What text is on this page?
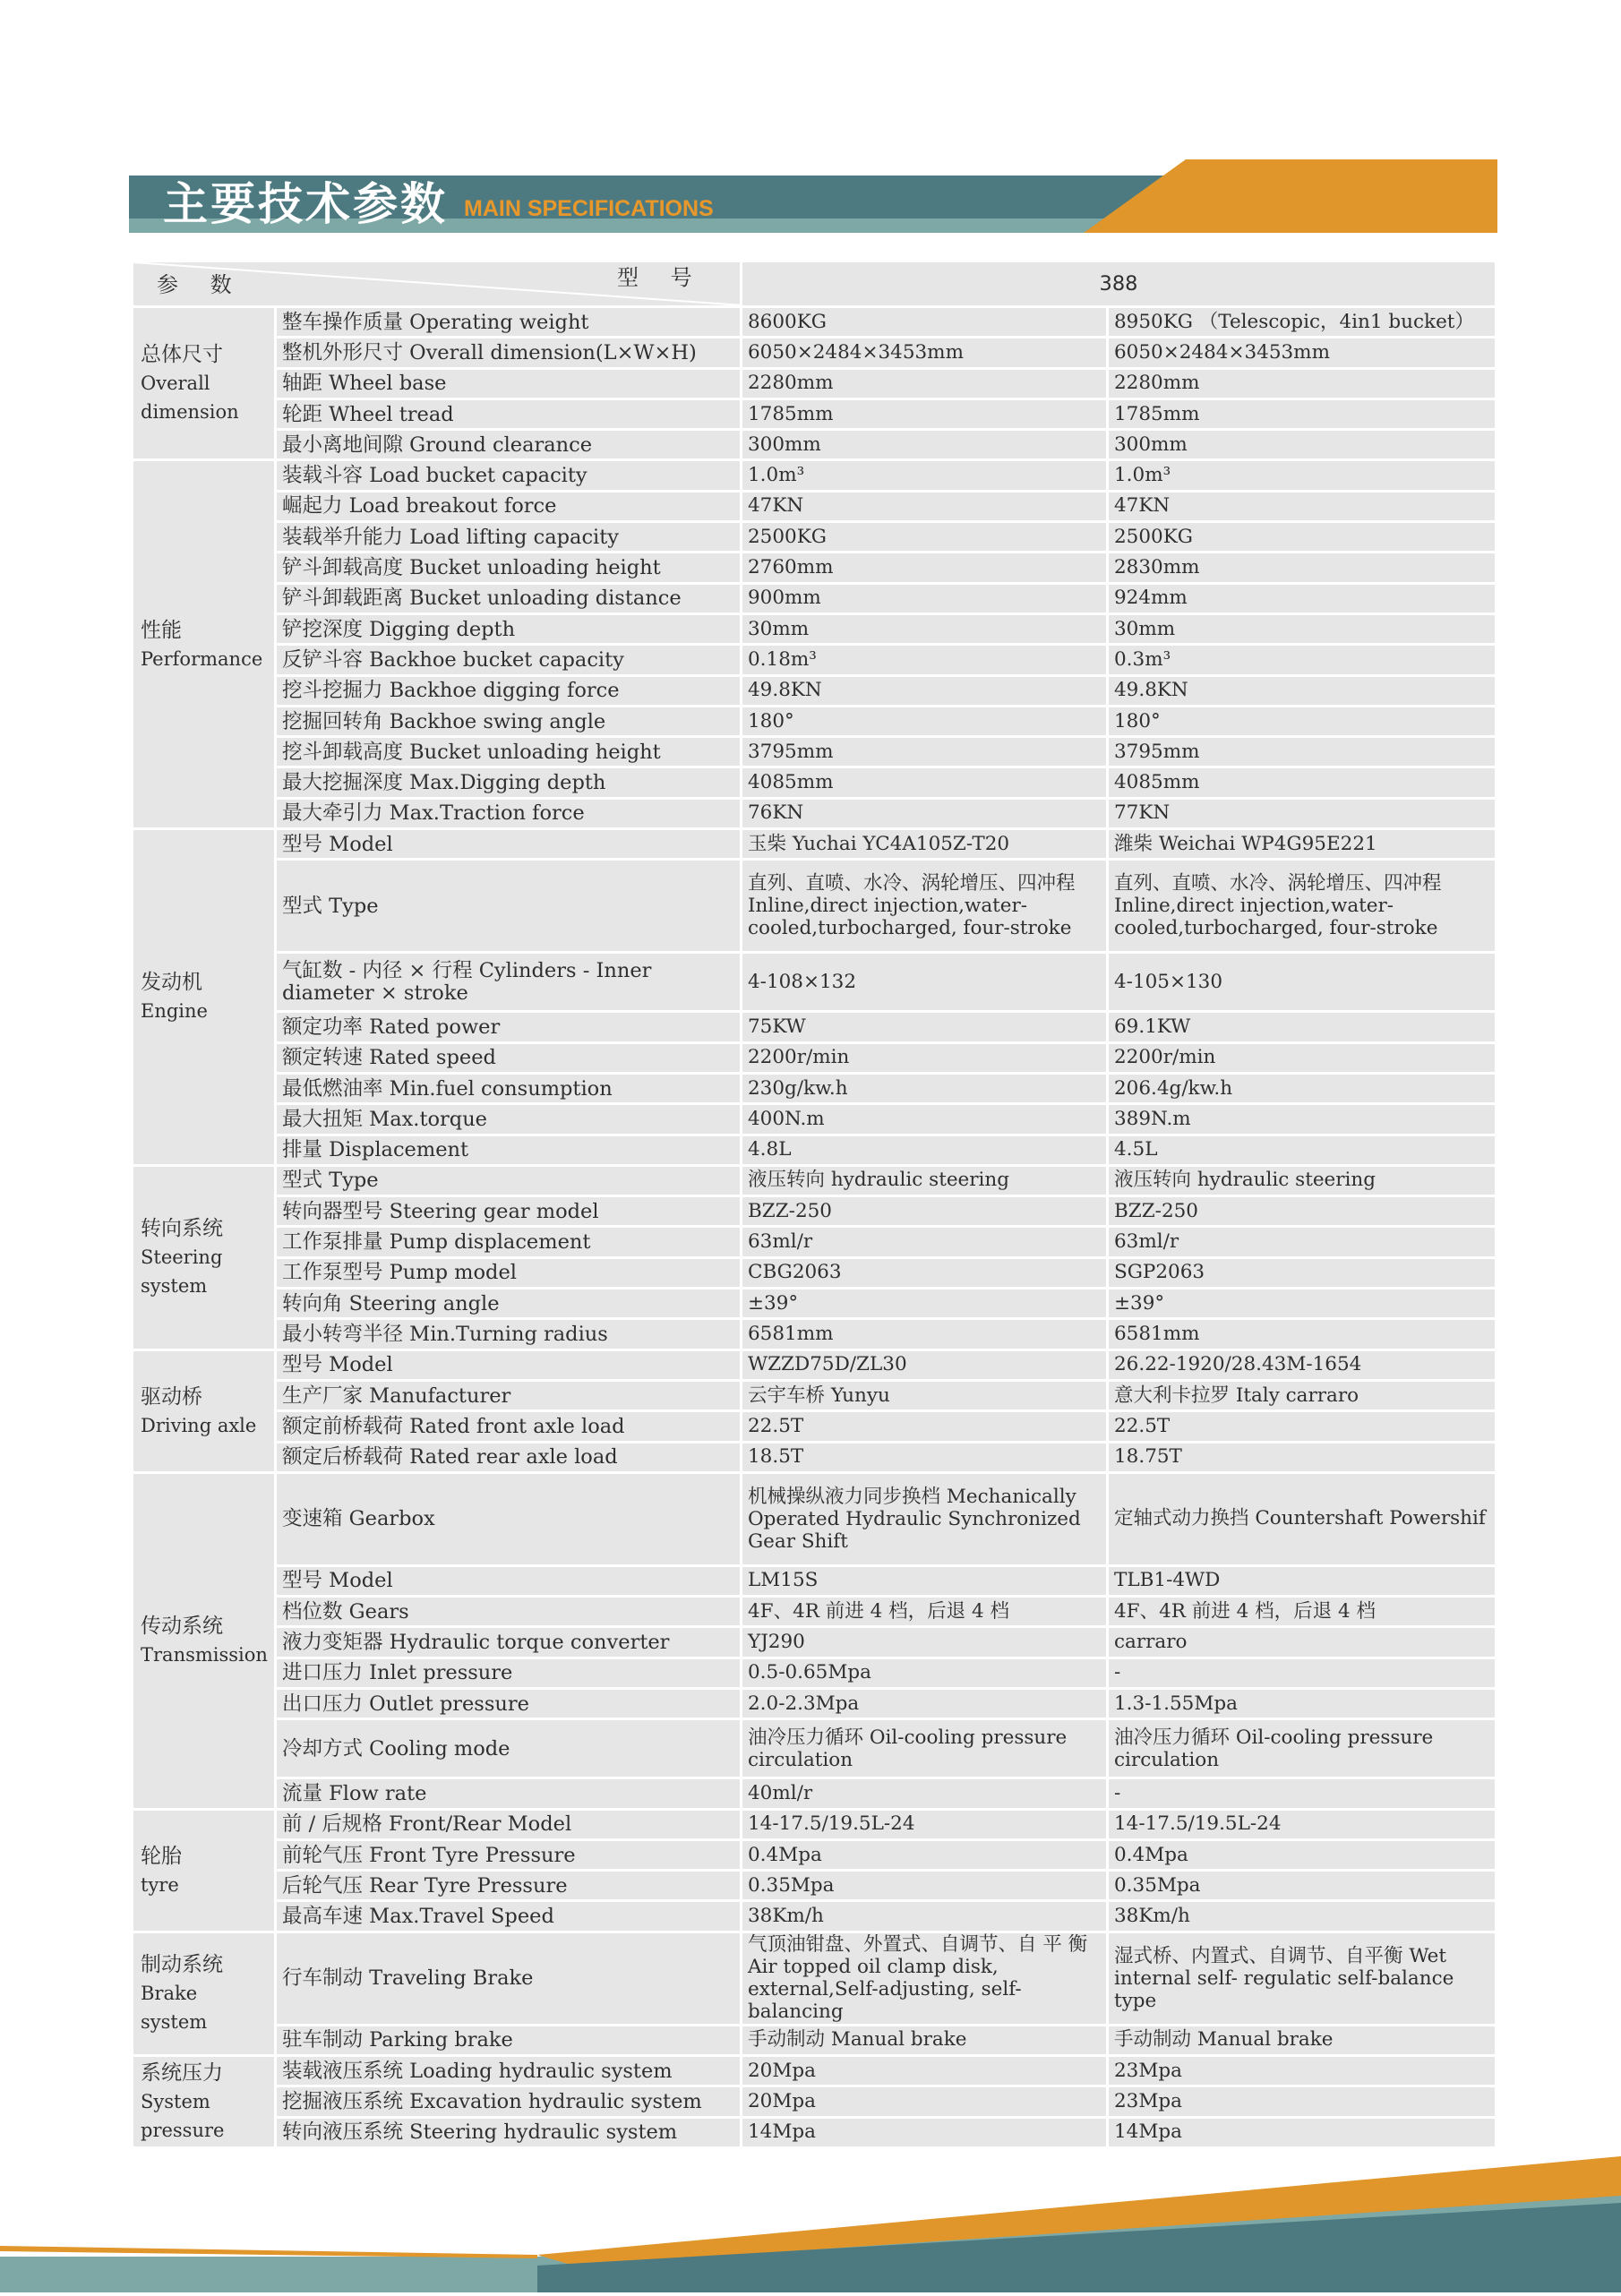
主要技术参数 MAIN SPECIFICATIONS
参 数 型 号		388	

总体尺寸
Overall dimension	整车操作质量 Operating weight	8600KG	8950KG （Telescopic，4in1 bucket）
	整机外形尺寸 Overall dimension(L×W×H)	6050×2484×3453mm	6050×2484×3453mm
	轴距 Wheel base	2280mm	2280mm
	轮距 Wheel tread	1785mm	1785mm
	最小离地间隙 Ground clearance	300mm	300mm

性能
Performance	装载斗容 Load bucket capacity	1.0m³	1.0m³
	崛起力 Load breakout force	47KN	47KN
	装载举升能力 Load lifting capacity	2500KG	2500KG
	铲斗卸载高度 Bucket unloading height	2760mm	2830mm
	铲斗卸载距离 Bucket unloading distance	900mm	924mm
	铲挖深度 Digging depth	30mm	30mm
	反铲斗容 Backhoe bucket capacity	0.18m³	0.3m³
	挖斗挖掘力 Backhoe digging force	49.8KN	49.8KN
	挖掘回转角 Backhoe swing angle	180°	180°
	挖斗卸载高度 Bucket unloading height	3795mm	3795mm
	最大挖掘深度 Max.Digging depth	4085mm	4085mm
	最大牵引力 Max.Traction force	76KN	77KN

发动机
Engine	型号 Model	玉柴 Yuchai YC4A105Z-T20	潍柴 Weichai WP4G95E221
	型式 Type	直列、直喷、水冷、涡轮增压、四冲程 Inline,direct injection,water-cooled,turbocharged, four-stroke	直列、直喷、水冷、涡轮增压、四冲程 Inline,direct injection,water-cooled,turbocharged, four-stroke
	气缸数 - 内径 × 行程 Cylinders - Inner diameter × stroke	4-108×132	4-105×130
	额定功率 Rated power	75KW	69.1KW
	额定转速 Rated speed	2200r/min	2200r/min
	最低燃油率 Min.fuel consumption	230g/kw.h	206.4g/kw.h
	最大扭矩 Max.torque	400N.m	389N.m
	排量 Displacement	4.8L	4.5L

转向系统
Steering system	型式 Type	液压转向 hydraulic steering	液压转向 hydraulic steering
	转向器型号 Steering gear model	BZZ-250	BZZ-250
	工作泵排量 Pump displacement	63ml/r	63ml/r
	工作泵型号 Pump model	CBG2063	SGP2063
	转向角 Steering angle	±39°	±39°
	最小转弯半径 Min.Turning radius	6581mm	6581mm

驱动桥
Driving axle	型号 Model	WZZD75D/ZL30	26.22-1920/28.43M-1654
	生产厂家 Manufacturer	云宇车桥 Yunyu	意大利卡拉罗 Italy carraro
	额定前桥载荷 Rated front axle load	22.5T	22.5T
	额定后桥载荷 Rated rear axle load	18.5T	18.75T

传动系统
Transmission	变速箱 Gearbox	机械操纵液力同步换档 Mechanically Operated Hydraulic Synchronized Gear Shift	定轴式动力换挡 Countershaft Powershif
	型号 Model	LM15S	TLB1-4WD
	档位数 Gears	4F、4R 前进 4 档，后退 4 档	4F、4R 前进 4 档，后退 4 档
	液力变矩器 Hydraulic torque converter	YJ290	carraro
	进口压力 Inlet pressure	0.5-0.65Mpa	-
	出口压力 Outlet pressure	2.0-2.3Mpa	1.3-1.55Mpa
	冷却方式 Cooling mode	油冷压力循环 Oil-cooling pressure circulation	油冷压力循环 Oil-cooling pressure circulation
	流量 Flow rate	40ml/r	-

轮胎
tyre	前 / 后规格 Front/Rear Model	14-17.5/19.5L-24	14-17.5/19.5L-24
	前轮气压 Front Tyre Pressure	0.4Mpa	0.4Mpa
	后轮气压 Rear Tyre Pressure	0.35Mpa	0.35Mpa
	最高车速 Max.Travel Speed	38Km/h	38Km/h

制动系统
Brake system	行车制动 Traveling Brake	气顶油钳盘、外置式、自调节、自 平 衡 Air topped oil clamp disk, external,Self-adjusting, self-balancing	湿式桥、内置式、自调节、自平衡 Wet internal self- regulatic self-balance type
	驻车制动 Parking brake	手动制动 Manual brake	手动制动 Manual brake

系统压力
System pressure	装载液压系统 Loading hydraulic system	20Mpa	23Mpa
	挖掘液压系统 Excavation hydraulic system	20Mpa	23Mpa
	转向液压系统 Steering hydraulic system	14Mpa	14Mpa
